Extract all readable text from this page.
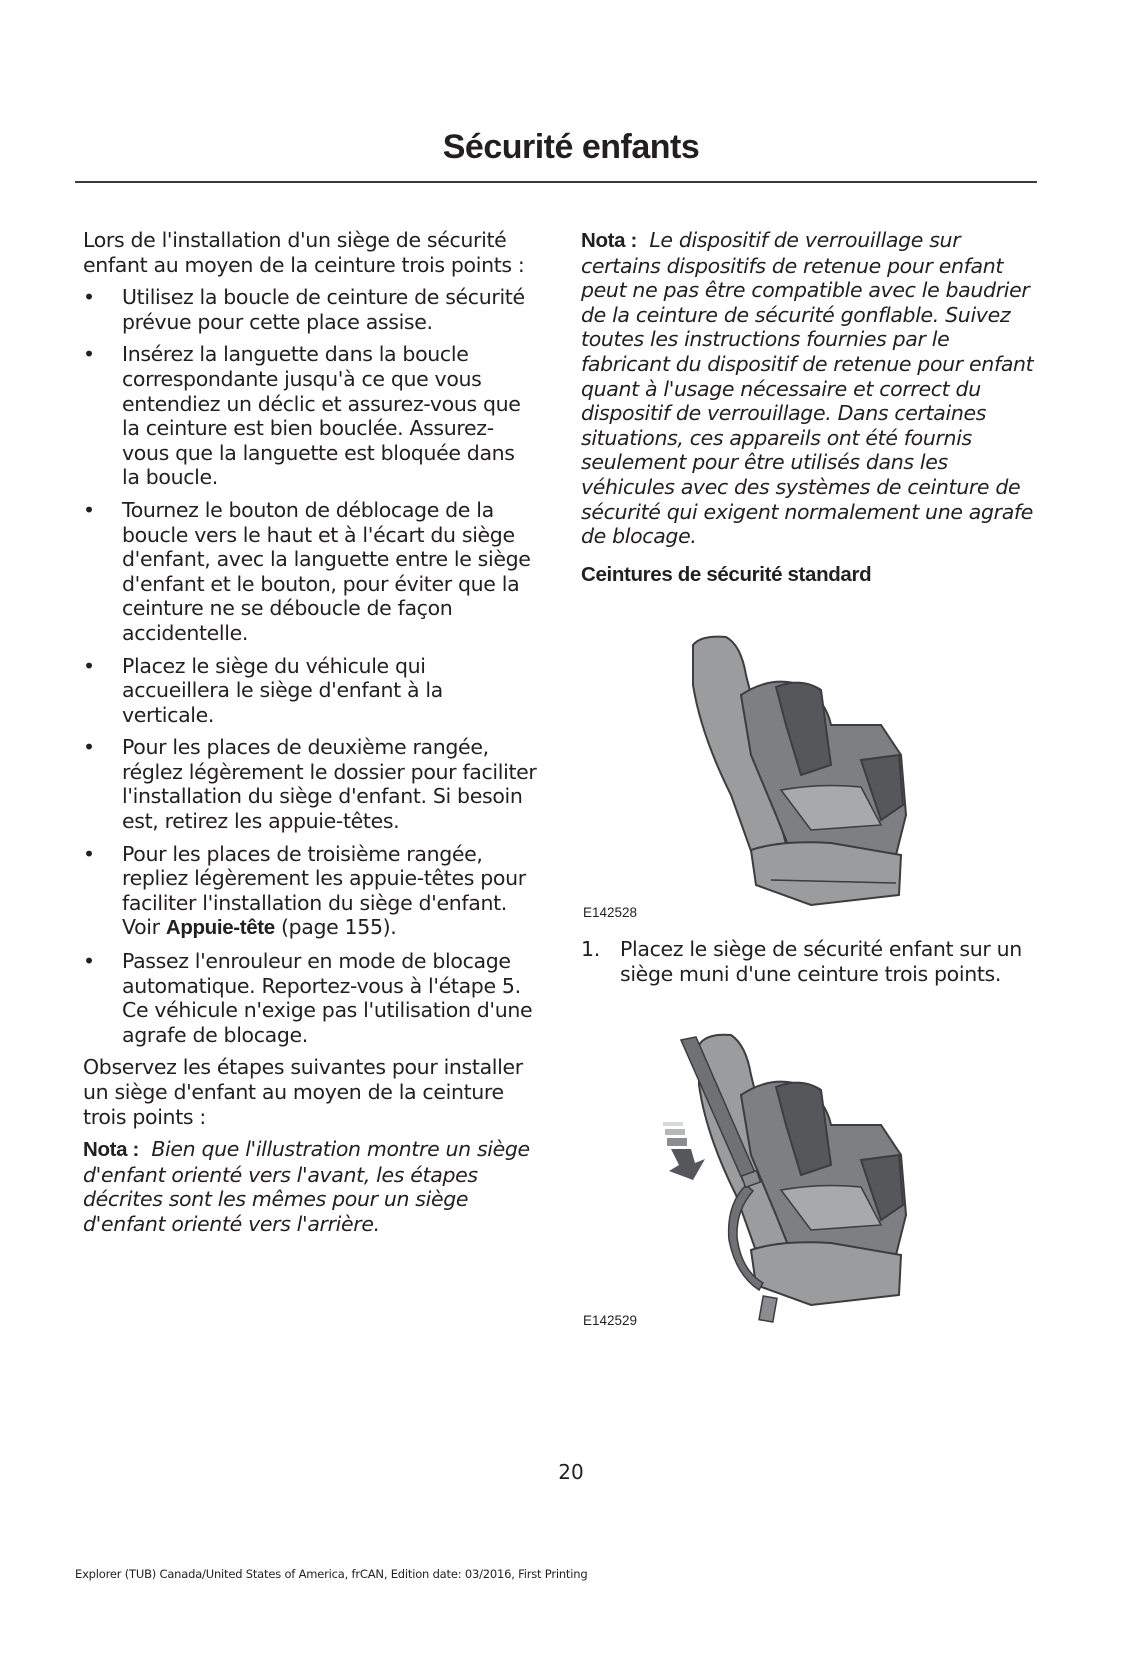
Sécurité enfants

Lors de l'installation d'un siège de sécurité enfant au moyen de la ceinture trois points :

• Utilisez la boucle de ceinture de sécurité prévue pour cette place assise.
• Insérez la languette dans la boucle correspondante jusqu'à ce que vous entendiez un déclic et assurez-vous que la ceinture est bien bouclée. Assurez-vous que la languette est bloquée dans la boucle.
• Tournez le bouton de déblocage de la boucle vers le haut et à l'écart du siège d'enfant, avec la languette entre le siège d'enfant et le bouton, pour éviter que la ceinture ne se déboucle de façon accidentelle.
• Placez le siège du véhicule qui accueillera le siège d'enfant à la verticale.
• Pour les places de deuxième rangée, réglez légèrement le dossier pour faciliter l'installation du siège d'enfant. Si besoin est, retirez les appuie-têtes.
• Pour les places de troisième rangée, repliez légèrement les appuie-têtes pour faciliter l'installation du siège d'enfant. Voir Appuie-tête (page 155).
• Passez l'enrouleur en mode de blocage automatique. Reportez-vous à l'étape 5. Ce véhicule n'exige pas l'utilisation d'une agrafe de blocage.

Observez les étapes suivantes pour installer un siège d'enfant au moyen de la ceinture trois points :

Nota : Bien que l'illustration montre un siège d'enfant orienté vers l'avant, les étapes décrites sont les mêmes pour un siège d'enfant orienté vers l'arrière.

Nota : Le dispositif de verrouillage sur certains dispositifs de retenue pour enfant peut ne pas être compatible avec le baudrier de la ceinture de sécurité gonflable. Suivez toutes les instructions fournies par le fabricant du dispositif de retenue pour enfant quant à l'usage nécessaire et correct du dispositif de verrouillage. Dans certaines situations, ces appareils ont été fournis seulement pour être utilisés dans les véhicules avec des systèmes de ceinture de sécurité qui exigent normalement une agrafe de blocage.

Ceintures de sécurité standard
E142528
1. Placez le siège de sécurité enfant sur un siège muni d'une ceinture trois points.
E142529
20
Explorer (TUB) Canada/United States of America, frCAN, Edition date: 03/2016, First Printing
